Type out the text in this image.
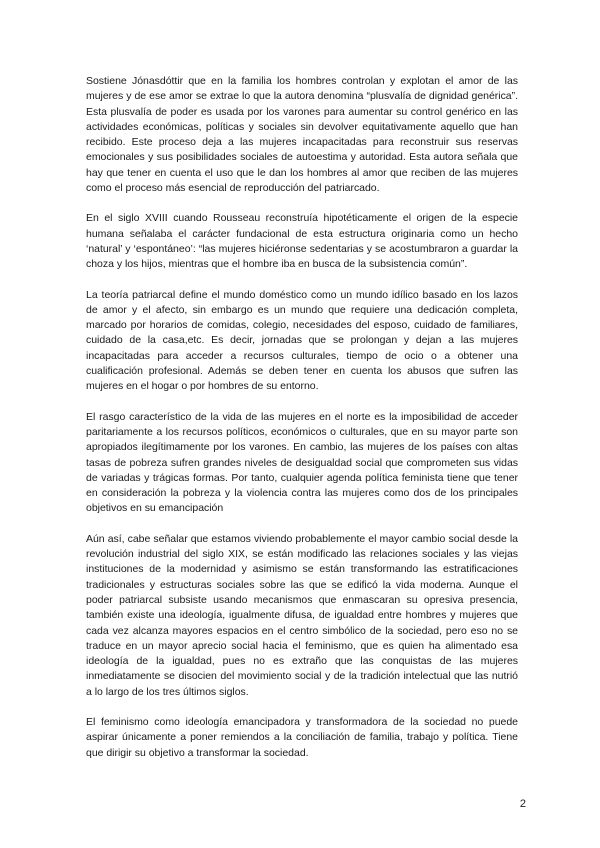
Sostiene Jónasdóttir que en la familia los hombres controlan y explotan el amor de las mujeres y de ese amor se extrae lo que la autora denomina “plusvalía de dignidad genérica”. Esta plusvalía de poder es usada por los varones para aumentar su control genérico en las actividades económicas, políticas y sociales sin devolver equitativamente aquello que han recibido. Este proceso deja a las mujeres incapacitadas para reconstruir sus reservas emocionales y sus posibilidades sociales de autoestima y autoridad. Esta autora señala que hay que tener en cuenta el uso que le dan los hombres al amor que reciben de las mujeres como el proceso más esencial de reproducción del patriarcado.

En el siglo XVIII cuando Rousseau reconstruía hipotéticamente el origen de la especie humana señalaba el carácter fundacional de esta estructura originaria como un hecho ‘natural’ y ‘espontáneo’: “las mujeres hiciéronse sedentarias y se acostumbraron a guardar la choza y los hijos, mientras que el hombre iba en busca de la subsistencia común”.

La teoría patriarcal define el mundo doméstico como un mundo idílico basado en los lazos de amor y el afecto, sin embargo es un mundo que requiere una dedicación completa, marcado por horarios de comidas, colegio, necesidades del esposo, cuidado de familiares, cuidado de la casa,etc. Es decir, jornadas que se prolongan y dejan a las mujeres incapacitadas para acceder a recursos culturales, tiempo de ocio o a obtener una cualificación profesional. Además se deben tener en cuenta los abusos que sufren las mujeres en el hogar o por hombres de su entorno.

El rasgo característico de la vida de las mujeres en el norte es la imposibilidad de acceder paritariamente a los recursos políticos, económicos o culturales, que en su mayor parte son apropiados ilegítimamente por los varones. En cambio, las mujeres de los países con altas tasas de pobreza sufren grandes niveles de desigualdad social que comprometen sus vidas de variadas y trágicas formas. Por tanto, cualquier agenda política feminista tiene que tener en consideración la pobreza y la violencia contra las mujeres como dos de los principales objetivos en su emancipación

Aún así, cabe señalar que estamos viviendo probablemente el mayor cambio social desde la revolución industrial del siglo XIX, se están modificado las relaciones sociales y las viejas instituciones de la modernidad y asimismo se están transformando las estratificaciones tradicionales y estructuras sociales sobre las que se edificó la vida moderna. Aunque el poder patriarcal subsiste usando mecanismos que enmascaran su opresiva presencia, también existe una ideología, igualmente difusa, de igualdad entre hombres y mujeres que cada vez alcanza mayores espacios en el centro simbólico de la sociedad, pero eso no se traduce en un mayor aprecio social hacia el feminismo, que es quien ha alimentado esa ideología de la igualdad, pues no es extraño que las conquistas de las mujeres inmediatamente se disocien del movimiento social y de la tradición intelectual que las nutrió a lo largo de los tres últimos siglos.

El feminismo como ideología emancipadora y transformadora de la sociedad no puede aspirar únicamente a poner remiendos a la conciliación de familia, trabajo y política. Tiene que dirigir su objetivo a transformar la sociedad.

2
